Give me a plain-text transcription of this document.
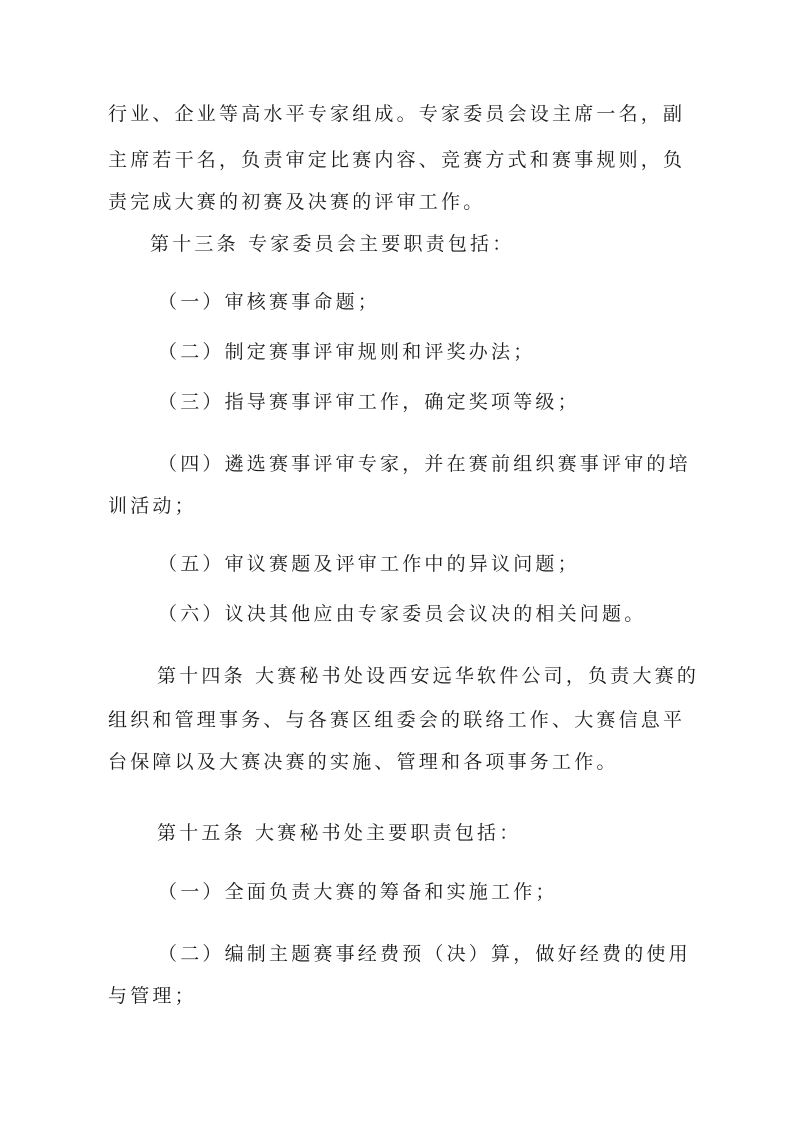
行业、企业等高水平专家组成。专家委员会设主席一名，副
主席若干名，负责审定比赛内容、竞赛方式和赛事规则，负
责完成大赛的初赛及决赛的评审工作。
第十三条 专家委员会主要职责包括：
（一）审核赛事命题；
（二）制定赛事评审规则和评奖办法；
（三）指导赛事评审工作，确定奖项等级；
（四）遴选赛事评审专家，并在赛前组织赛事评审的培
训活动；
（五）审议赛题及评审工作中的异议问题；
（六）议决其他应由专家委员会议决的相关问题。
第十四条 大赛秘书处设西安远华软件公司，负责大赛的
组织和管理事务、与各赛区组委会的联络工作、大赛信息平
台保障以及大赛决赛的实施、管理和各项事务工作。
第十五条 大赛秘书处主要职责包括：
（一）全面负责大赛的筹备和实施工作；
（二）编制主题赛事经费预（决）算，做好经费的使用
与管理；
